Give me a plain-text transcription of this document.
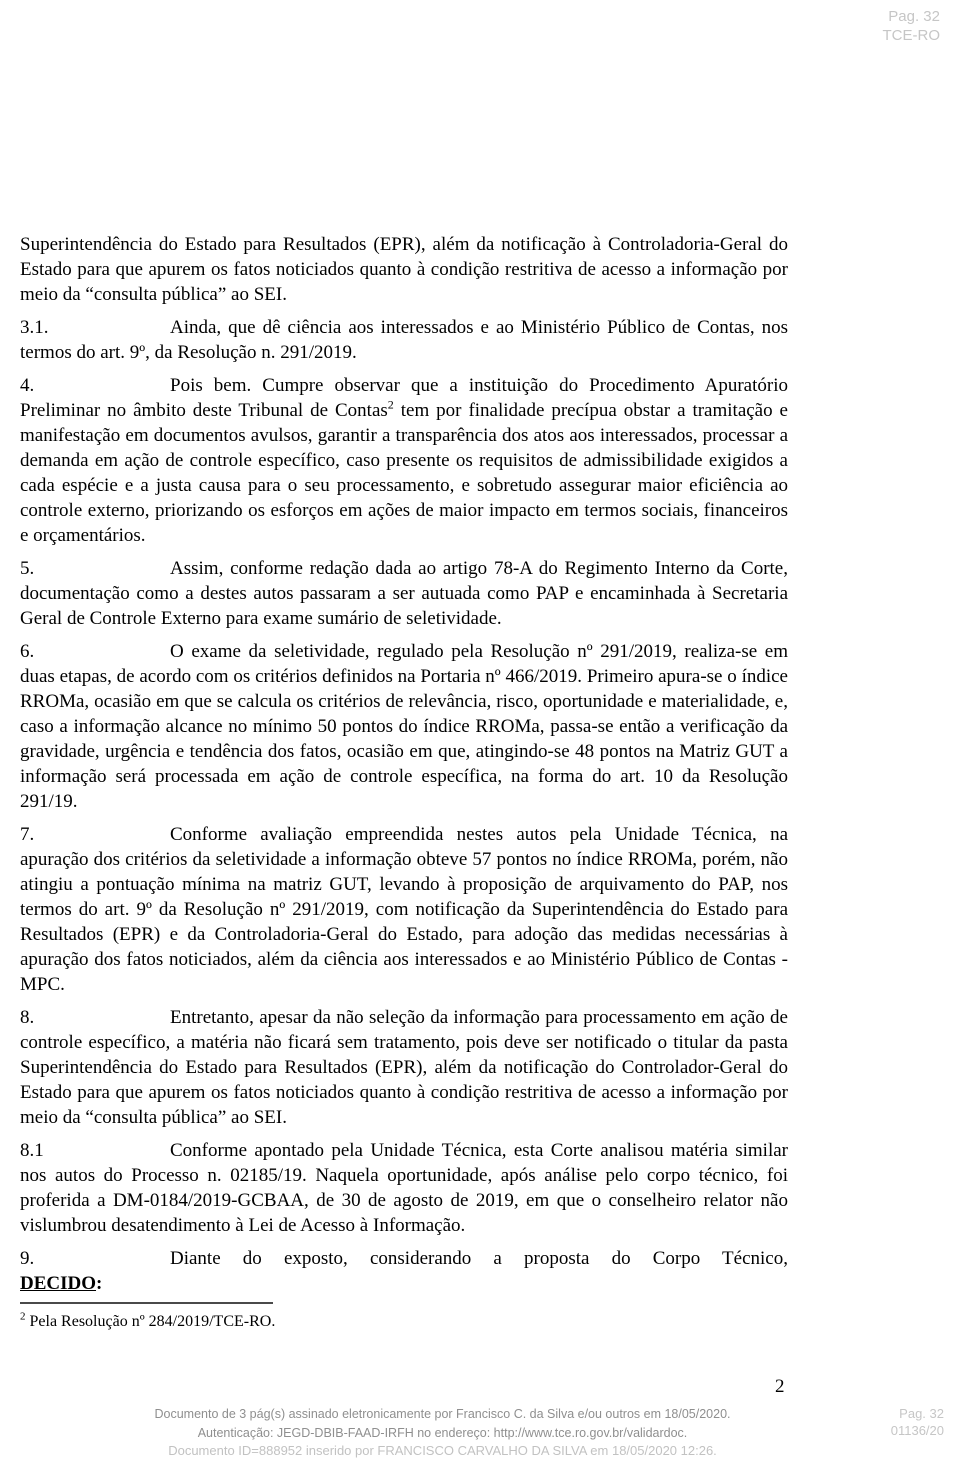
Pag. 32
TCE-RO

Superintendência do Estado para Resultados (EPR), além da notificação à Controladoria-Geral do Estado para que apurem os fatos noticiados quanto à condição restritiva de acesso a informação por meio da “consulta pública” ao SEI.

3.1.	Ainda, que dê ciência aos interessados e ao Ministério Público de Contas, nos termos do art. 9º, da Resolução n. 291/2019.

4.	Pois bem. Cumpre observar que a instituição do Procedimento Apuratório Preliminar no âmbito deste Tribunal de Contas$^2$ tem por finalidade precípua obstar a tramitação e manifestação em documentos avulsos, garantir a transparência dos atos aos interessados, processar a demanda em ação de controle específico, caso presente os requisitos de admissibilidade exigidos a cada espécie e a justa causa para o seu processamento, e sobretudo assegurar maior eficiência ao controle externo, priorizando os esforços em ações de maior impacto em termos sociais, financeiros e orçamentários.

5.	Assim, conforme redação dada ao artigo 78-A do Regimento Interno da Corte, documentação como a destes autos passaram a ser autuada como PAP e encaminhada à Secretaria Geral de Controle Externo para exame sumário de seletividade.

6.	O exame da seletividade, regulado pela Resolução nº 291/2019, realiza-se em duas etapas, de acordo com os critérios definidos na Portaria nº 466/2019. Primeiro apura-se o índice RROMa, ocasião em que se calcula os critérios de relevância, risco, oportunidade e materialidade, e, caso a informação alcance no mínimo 50 pontos do índice RROMa, passa-se então a verificação da gravidade, urgência e tendência dos fatos, ocasião em que, atingindo-se 48 pontos na Matriz GUT a informação será processada em ação de controle específica, na forma do art. 10 da Resolução 291/19.

7.	Conforme avaliação empreendida nestes autos pela Unidade Técnica, na apuração dos critérios da seletividade a informação obteve 57 pontos no índice RROMa, porém, não atingiu a pontuação mínima na matriz GUT, levando à proposição de arquivamento do PAP, nos termos do art. 9º da Resolução nº 291/2019, com notificação da Superintendência do Estado para Resultados (EPR) e da Controladoria-Geral do Estado, para adoção das medidas necessárias à apuração dos fatos noticiados, além da ciência aos interessados e ao Ministério Público de Contas - MPC.

8.	Entretanto, apesar da não seleção da informação para processamento em ação de controle específico, a matéria não ficará sem tratamento, pois deve ser notificado o titular da pasta Superintendência do Estado para Resultados (EPR), além da notificação do Controlador-Geral do Estado para que apurem os fatos noticiados quanto à condição restritiva de acesso a informação por meio da “consulta pública” ao SEI.

8.1	Conforme apontado pela Unidade Técnica, esta Corte analisou matéria similar nos autos do Processo n. 02185/19. Naquela oportunidade, após análise pelo corpo técnico, foi proferida a DM-0184/2019-GCBAA, de 30 de agosto de 2019, em que o conselheiro relator não vislumbrou desatendimento à Lei de Acesso à Informação.

9.	Diante do exposto, considerando a proposta do Corpo Técnico,

DECIDO:

$^2$ Pela Resolução nº 284/2019/TCE-RO.
2
Documento de 3 pág(s) assinado eletronicamente por Francisco C. da Silva e/ou outros em 18/05/2020.
Autenticação: JEGD-DBIB-FAAD-IRFH no endereço: http://www.tce.ro.gov.br/validardoc.
Documento ID=888952 inserido por FRANCISCO CARVALHO DA SILVA em 18/05/2020 12:26.
Pag. 32
01136/20
